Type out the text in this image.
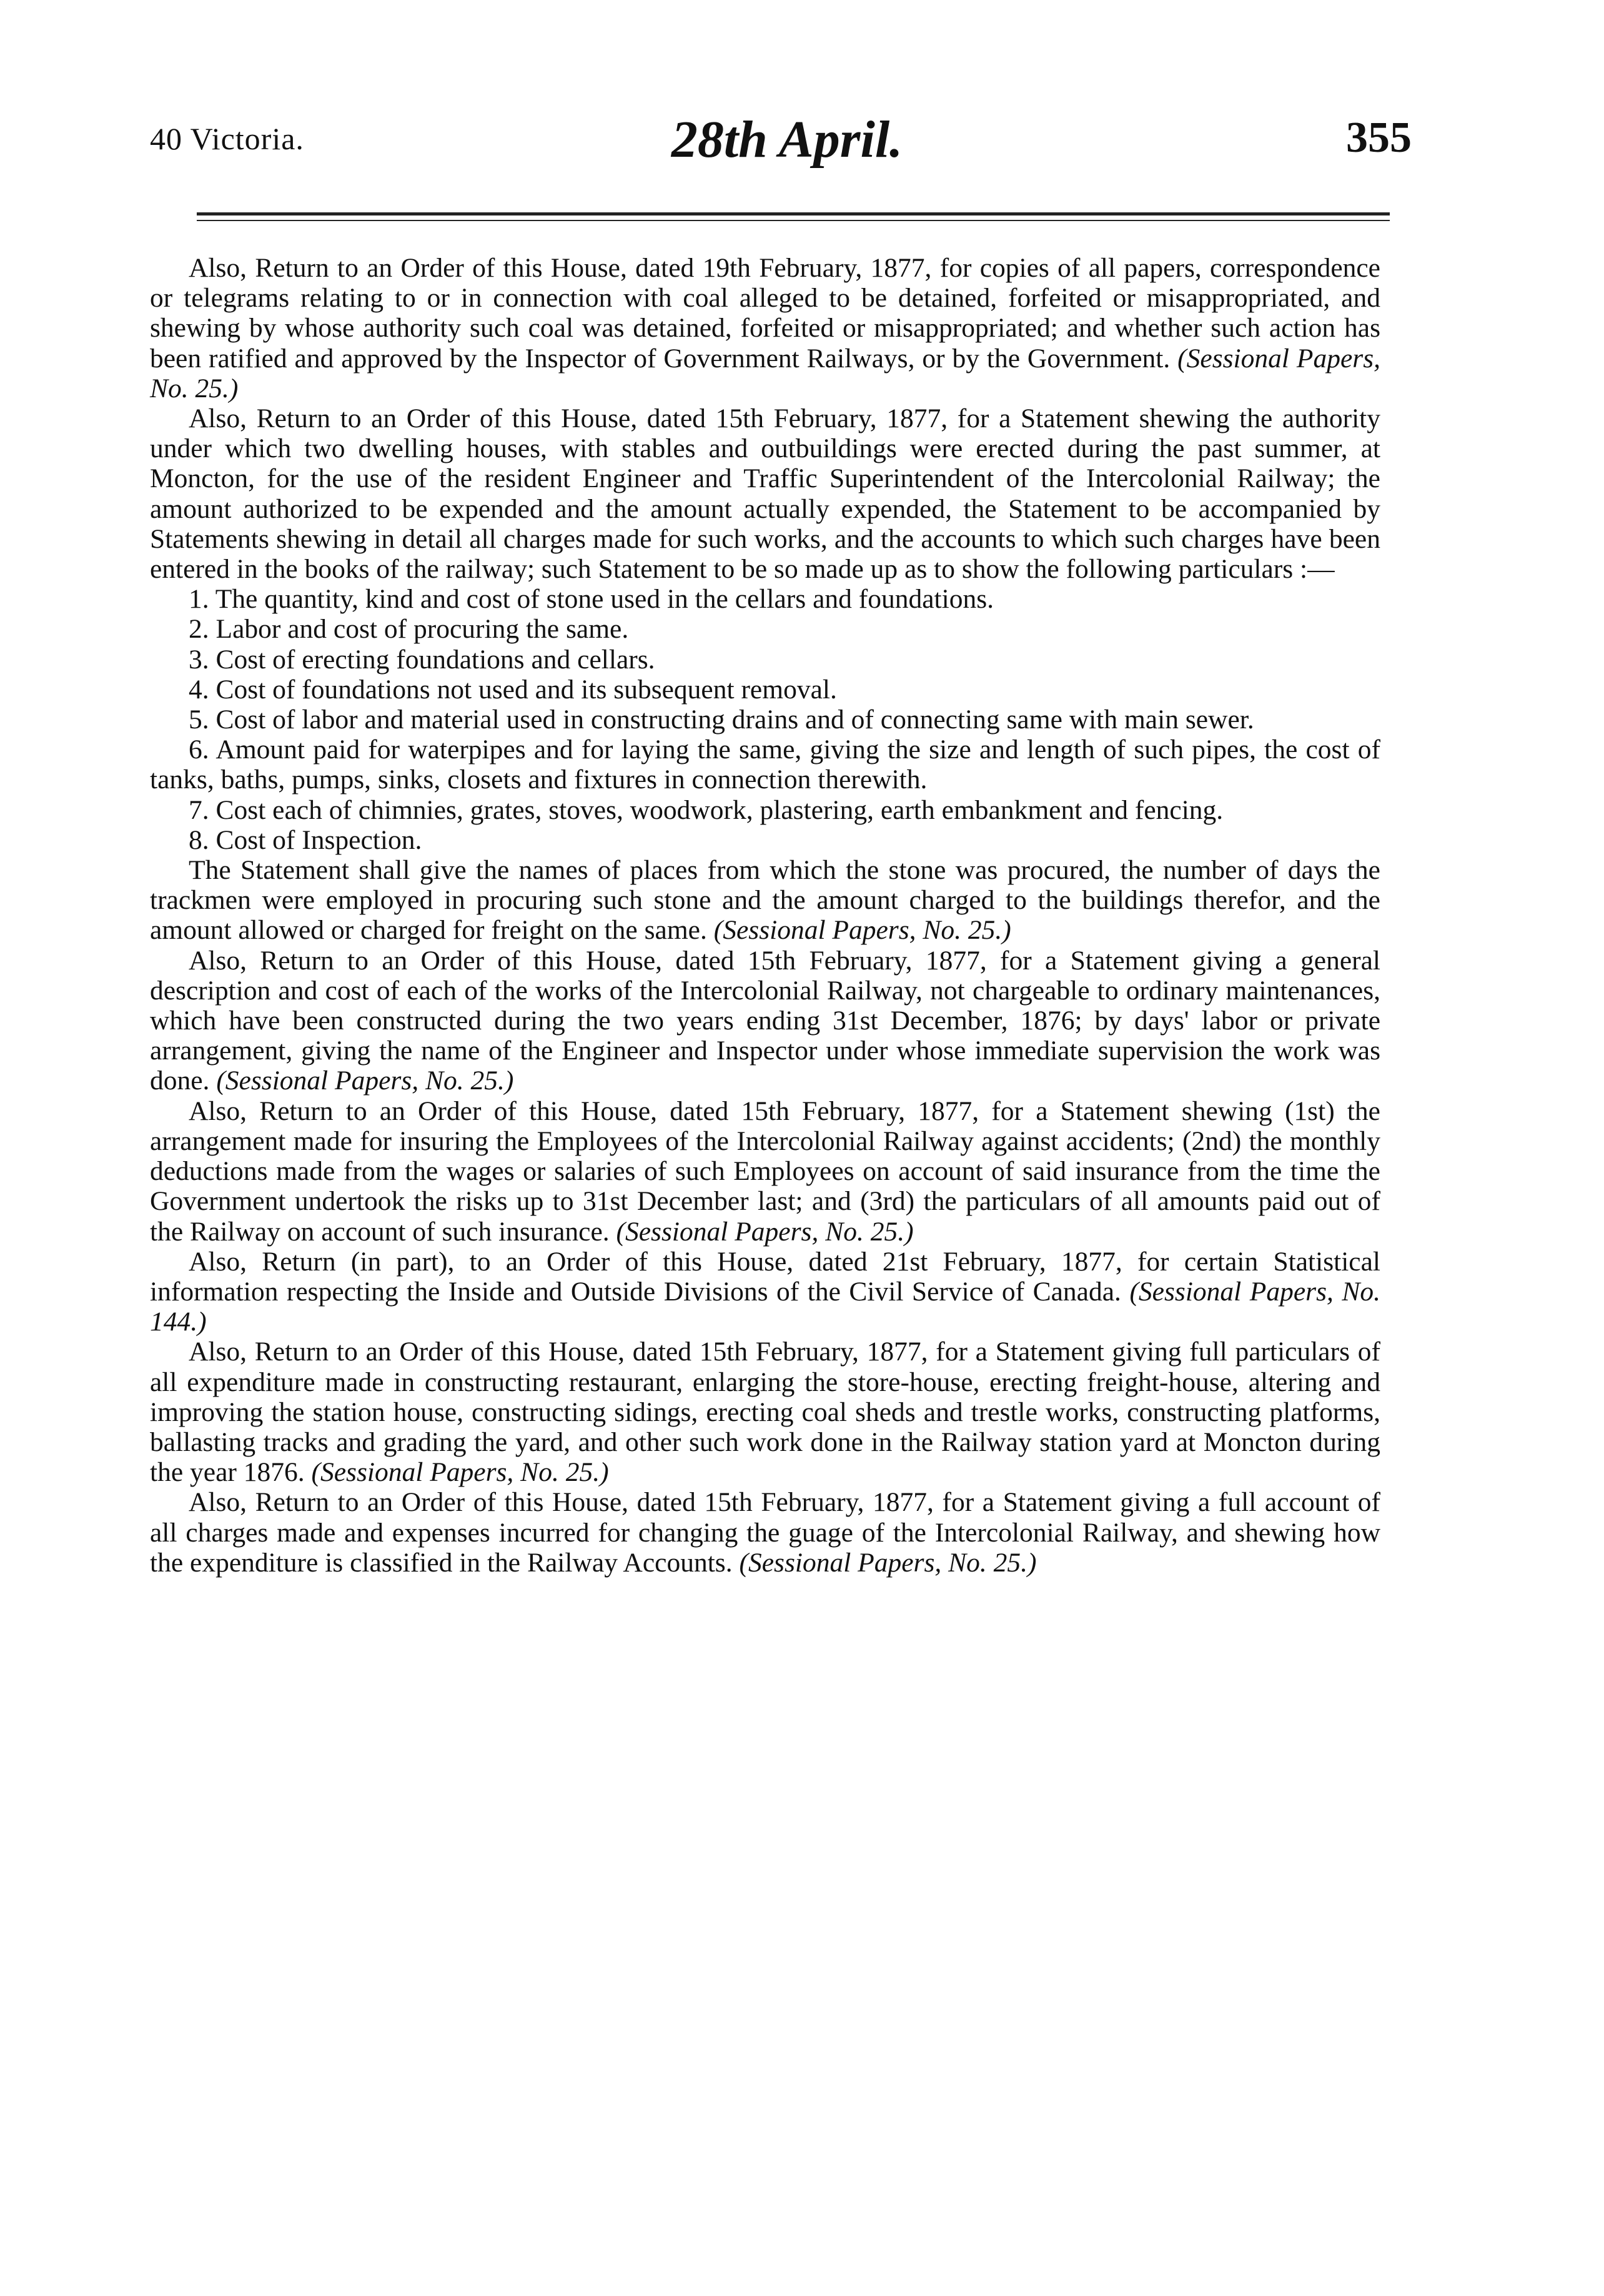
40 Victoria.	28th April.	355

Also, Return to an Order of this House, dated 19th February, 1877, for copies of all papers, correspondence or telegrams relating to or in connection with coal alleged to be detained, forfeited or misappropriated, and shewing by whose authority such coal was detained, forfeited or misappropriated; and whether such action has been ratified and approved by the Inspector of Government Railways, or by the Government. (Sessional Papers, No. 25.)

Also, Return to an Order of this House, dated 15th February, 1877, for a Statement shewing the authority under which two dwelling houses, with stables and outbuildings were erected during the past summer, at Moncton, for the use of the resident Engineer and Traffic Superintendent of the Intercolonial Railway; the amount authorized to be expended and the amount actually expended, the Statement to be accompanied by Statements shewing in detail all charges made for such works, and the accounts to which such charges have been entered in the books of the railway; such Statement to be so made up as to show the following particulars :—

1. The quantity, kind and cost of stone used in the cellars and foundations.

2. Labor and cost of procuring the same.

3. Cost of erecting foundations and cellars.

4. Cost of foundations not used and its subsequent removal.

5. Cost of labor and material used in constructing drains and of connecting same with main sewer.

6. Amount paid for waterpipes and for laying the same, giving the size and length of such pipes, the cost of tanks, baths, pumps, sinks, closets and fixtures in connection therewith.

7. Cost each of chimnies, grates, stoves, woodwork, plastering, earth embankment and fencing.

8. Cost of Inspection.

The Statement shall give the names of places from which the stone was procured, the number of days the trackmen were employed in procuring such stone and the amount charged to the buildings therefor, and the amount allowed or charged for freight on the same. (Sessional Papers, No. 25.)

Also, Return to an Order of this House, dated 15th February, 1877, for a Statement giving a general description and cost of each of the works of the Intercolonial Railway, not chargeable to ordinary maintenances, which have been constructed during the two years ending 31st December, 1876; by days' labor or private arrangement, giving the name of the Engineer and Inspector under whose immediate supervision the work was done. (Sessional Papers, No. 25.)

Also, Return to an Order of this House, dated 15th February, 1877, for a Statement shewing (1st) the arrangement made for insuring the Employees of the Intercolonial Railway against accidents; (2nd) the monthly deductions made from the wages or salaries of such Employees on account of said insurance from the time the Government undertook the risks up to 31st December last; and (3rd) the particulars of all amounts paid out of the Railway on account of such insurance. (Sessional Papers, No. 25.)

Also, Return (in part), to an Order of this House, dated 21st February, 1877, for certain Statistical information respecting the Inside and Outside Divisions of the Civil Service of Canada. (Sessional Papers, No. 144.)

Also, Return to an Order of this House, dated 15th February, 1877, for a Statement giving full particulars of all expenditure made in constructing restaurant, enlarging the store-house, erecting freight-house, altering and improving the station house, constructing sidings, erecting coal sheds and trestle works, constructing platforms, ballasting tracks and grading the yard, and other such work done in the Railway station yard at Moncton during the year 1876. (Sessional Papers, No. 25.)

Also, Return to an Order of this House, dated 15th February, 1877, for a Statement giving a full account of all charges made and expenses incurred for changing the guage of the Intercolonial Railway, and shewing how the expenditure is classified in the Railway Accounts. (Sessional Papers, No. 25.)
